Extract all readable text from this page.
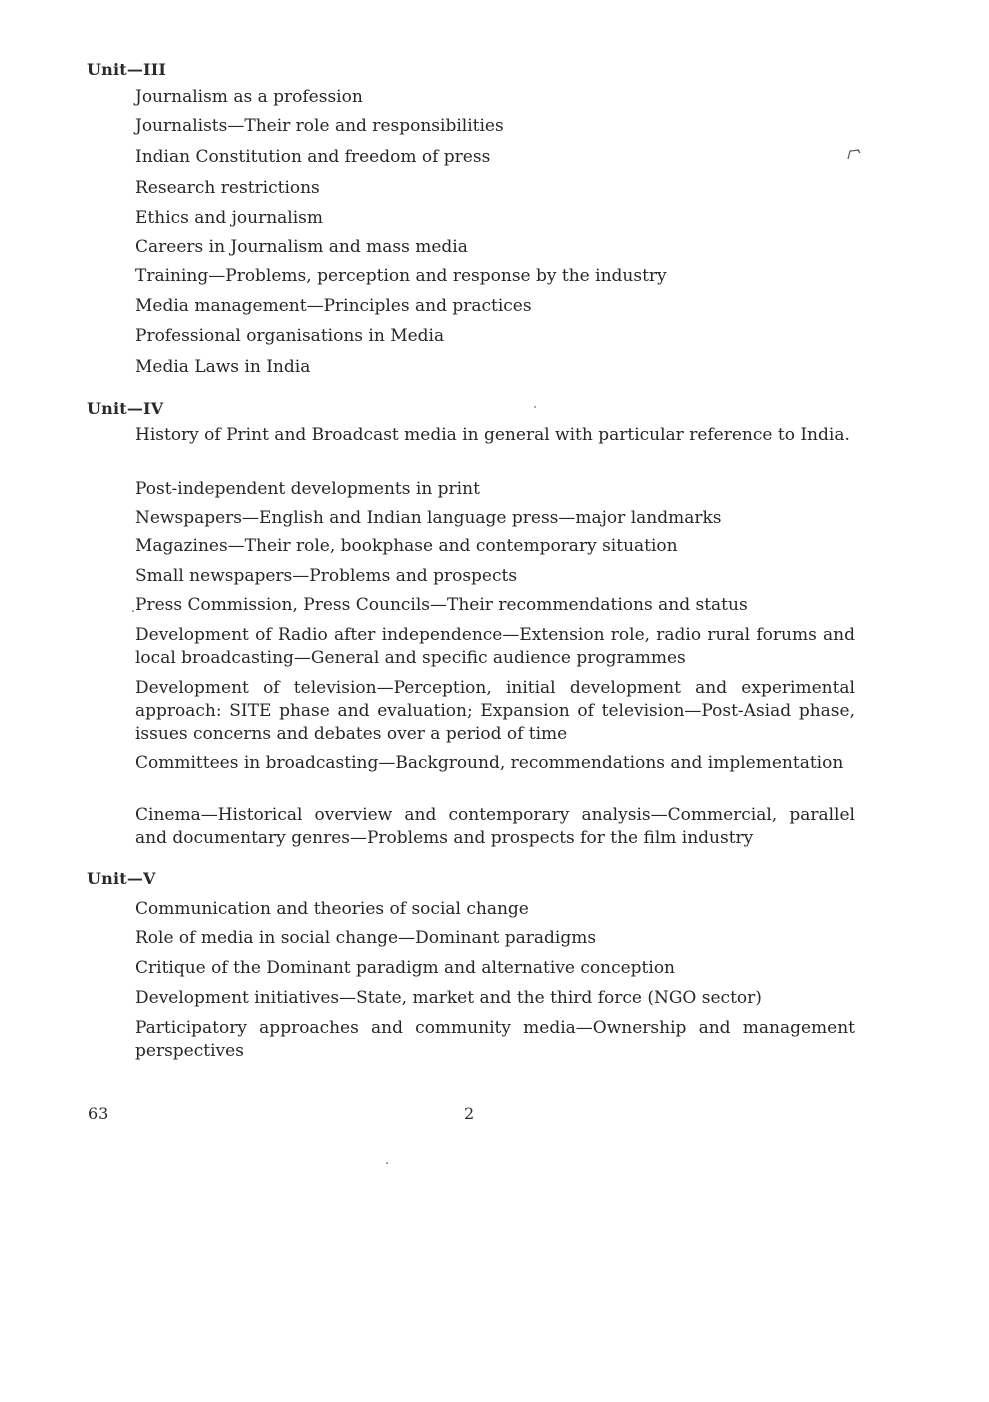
Unit—III

Journalism as a profession

Journalists—Their role and responsibilities

Indian Constitution and freedom of press

Research restrictions

Ethics and journalism

Careers in Journalism and mass media

Training—Problems, perception and response by the industry

Media management—Principles and practices

Professional organisations in Media

Media Laws in India

Unit—IV

History of Print and Broadcast media in general with particular reference to India.

Post-independent developments in print

Newspapers—English and Indian language press—major landmarks

Magazines—Their role, bookphase and contemporary situation

Small newspapers—Problems and prospects

Press Commission, Press Councils—Their recommendations and status

Development of Radio after independence—Extension role, radio rural forums and local broadcasting—General and specific audience programmes

Development of television—Perception, initial development and experimental approach: SITE phase and evaluation; Expansion of television—Post-Asiad phase, issues concerns and debates over a period of time

Committees in broadcasting—Background, recommendations and implementation

Cinema—Historical overview and contemporary analysis—Commercial, parallel and documentary genres—Problems and prospects for the film industry

Unit—V

Communication and theories of social change

Role of media in social change—Dominant paradigms

Critique of the Dominant paradigm and alternative conception

Development initiatives—State, market and the third force (NGO sector)

Participatory approaches and community media—Ownership and management perspectives

63	2
